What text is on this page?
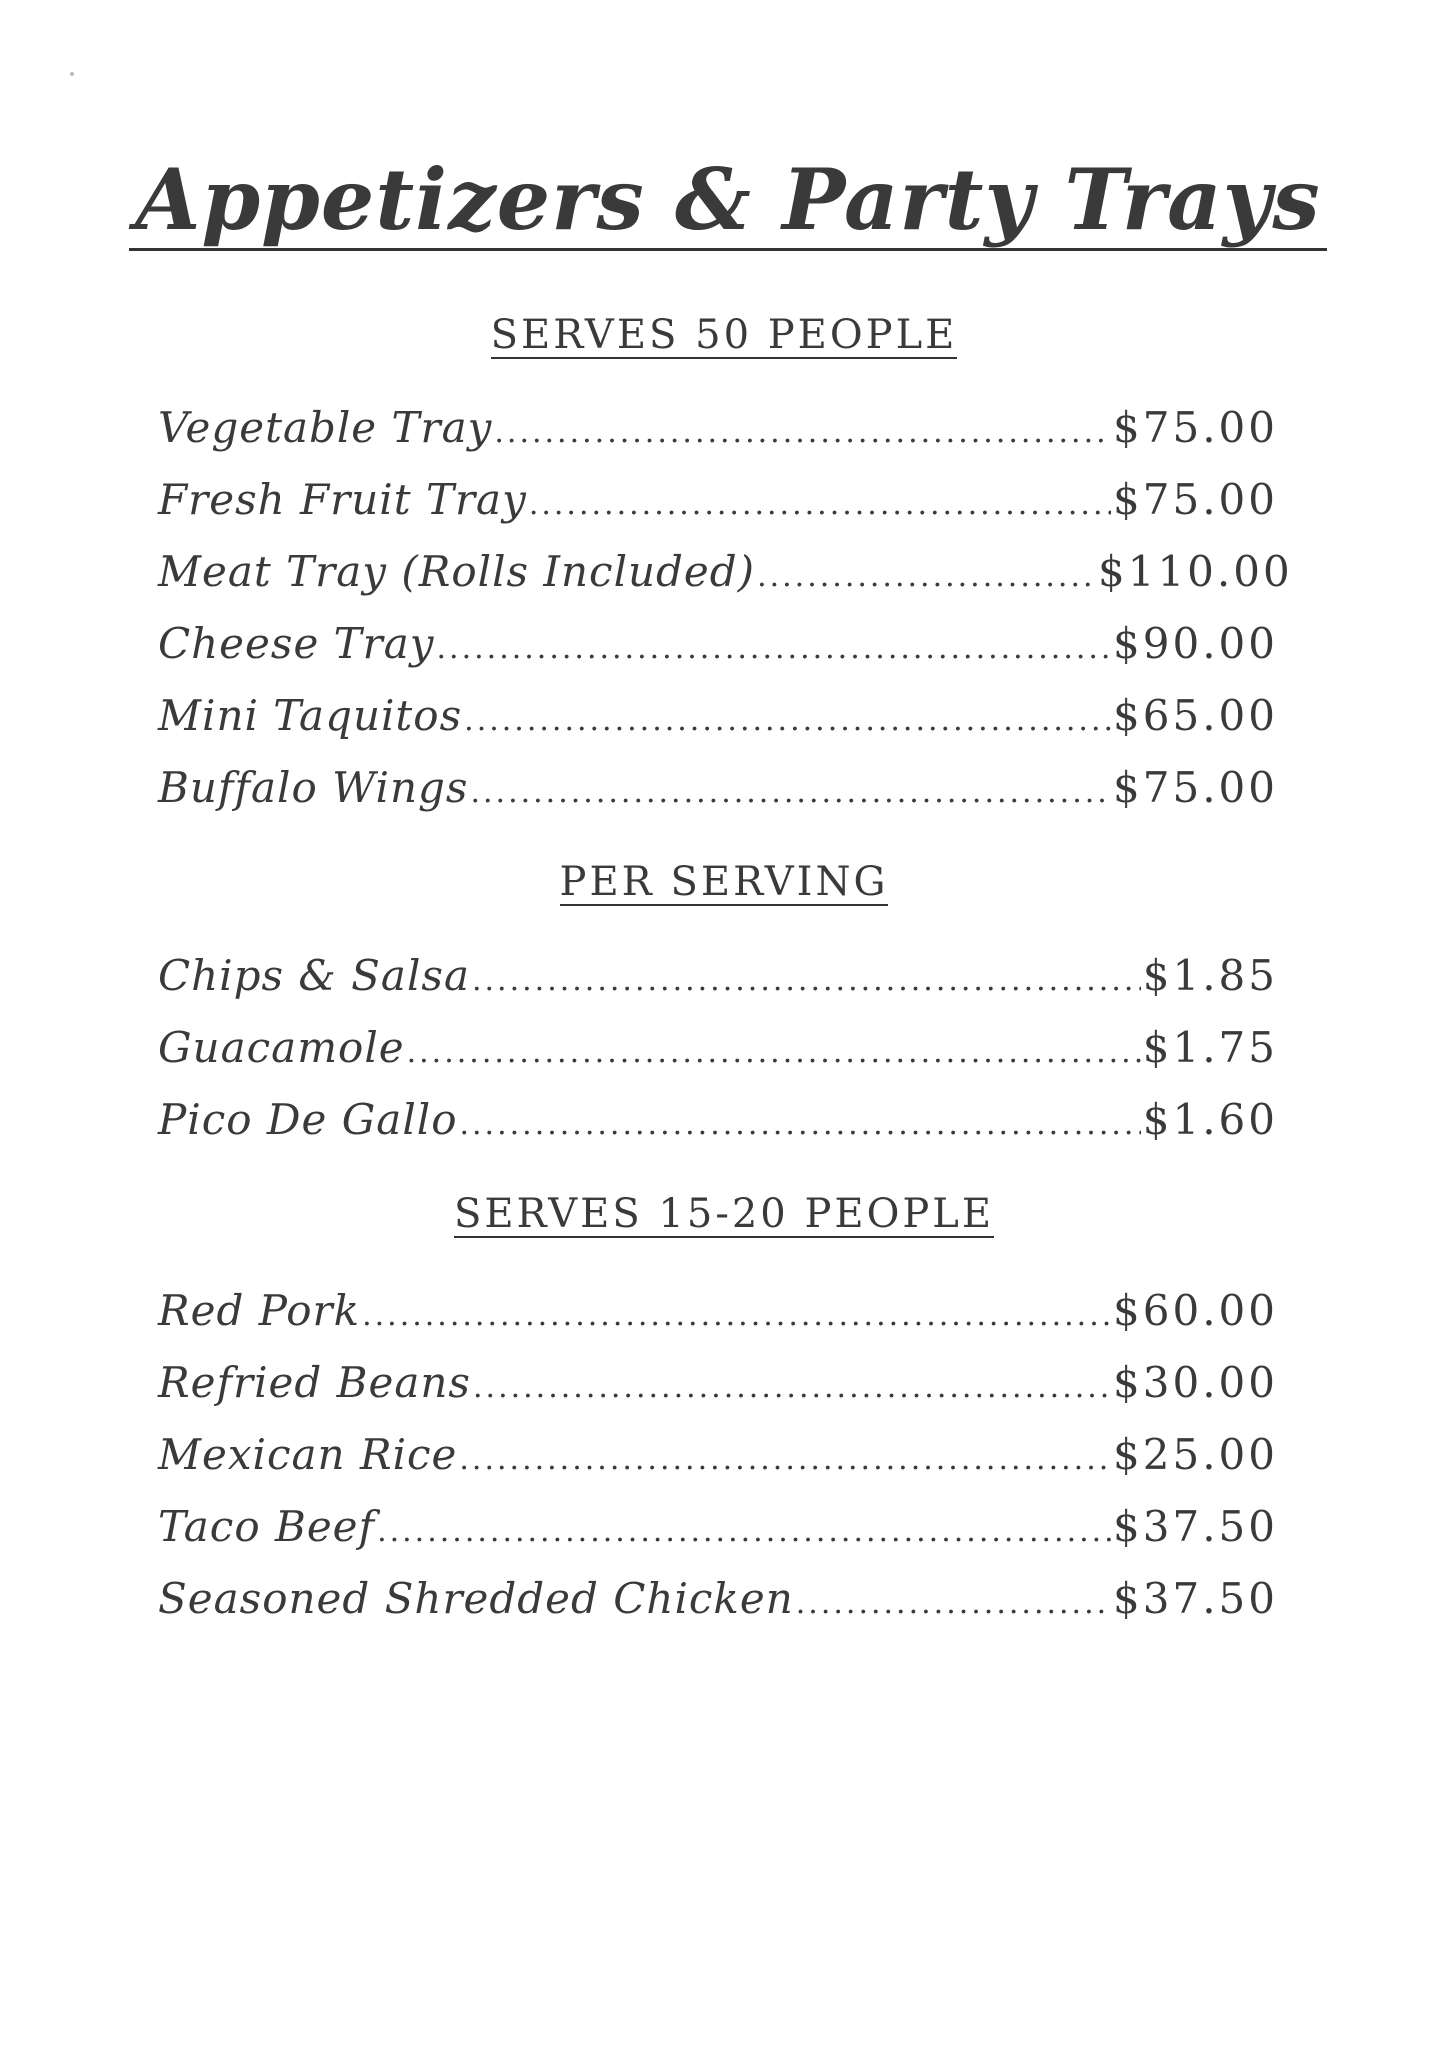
Appetizers & Party Trays
SERVES 50 PEOPLE
Vegetable Tray .....	$75.00
Fresh Fruit Tray .....	$75.00
Meat Tray (Rolls Included) .....	$110.00
Cheese Tray .....	$90.00
Mini Taquitos .....	$65.00
Buffalo Wings .....	$75.00
PER SERVING
Chips & Salsa .....	$1.85
Guacamole .....	$1.75
Pico De Gallo .....	$1.60
SERVES 15-20 PEOPLE
Red Pork .....	$60.00
Refried Beans .....	$30.00
Mexican Rice .....	$25.00
Taco Beef .....	$37.50
Seasoned Shredded Chicken .....	$37.50
